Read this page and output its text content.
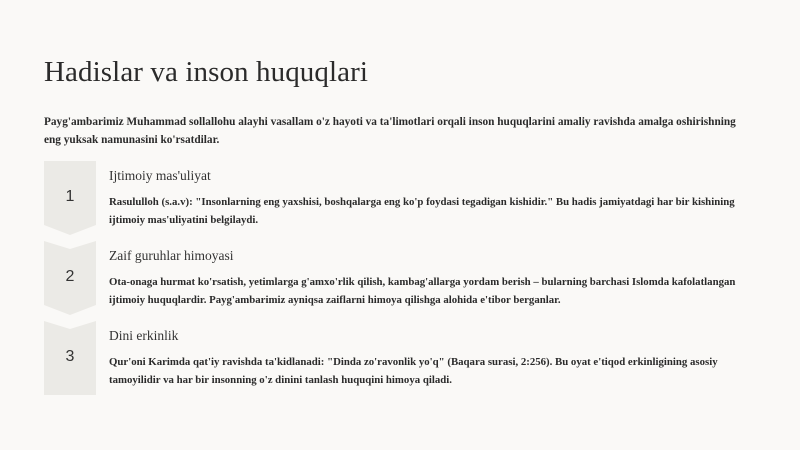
Hadislar va inson huquqlari

Payg'ambarimiz Muhammad sollallohu alayhi vasallam o'z hayoti va ta'limotlari orqali inson huquqlarini amaliy ravishda amalga oshirishning eng yuksak namunasini ko'rsatdilar.

1
Ijtimoiy mas'uliyat
Rasululloh (s.a.v): "Insonlarning eng yaxshisi, boshqalarga eng ko'p foydasi tegadigan kishidir." Bu hadis jamiyatdagi har bir kishining ijtimoiy mas'uliyatini belgilaydi.
2
Zaif guruhlar himoyasi
Ota-onaga hurmat ko'rsatish, yetimlarga g'amxo'rlik qilish, kambag'allarga yordam berish – bularning barchasi Islomda kafolatlangan ijtimoiy huquqlardir. Payg'ambarimiz ayniqsa zaiflarni himoya qilishga alohida e'tibor berganlar.
3
Dini erkinlik
Qur'oni Karimda qat'iy ravishda ta'kidlanadi: "Dinda zo'ravonlik yo'q" (Baqara surasi, 2:256). Bu oyat e'tiqod erkinligining asosiy tamoyilidir va har bir insonning o'z dinini tanlash huquqini himoya qiladi.
